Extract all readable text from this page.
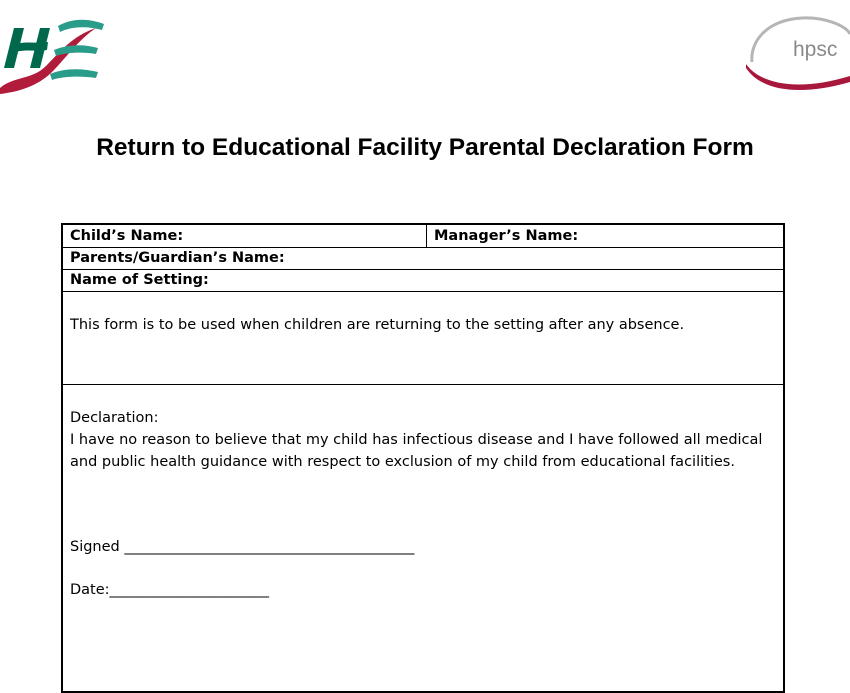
hpsc
Return to Educational Facility Parental Declaration Form
Child’s Name:	Manager’s Name:
Parents/Guardian’s Name:
Name of Setting:
This form is to be used when children are returning to the setting after any absence.
Declaration:
I have no reason to believe that my child has infectious disease and I have followed all medical and public health guidance with respect to exclusion of my child from educational facilities.
Signed ________________________________________
Date:______________________
